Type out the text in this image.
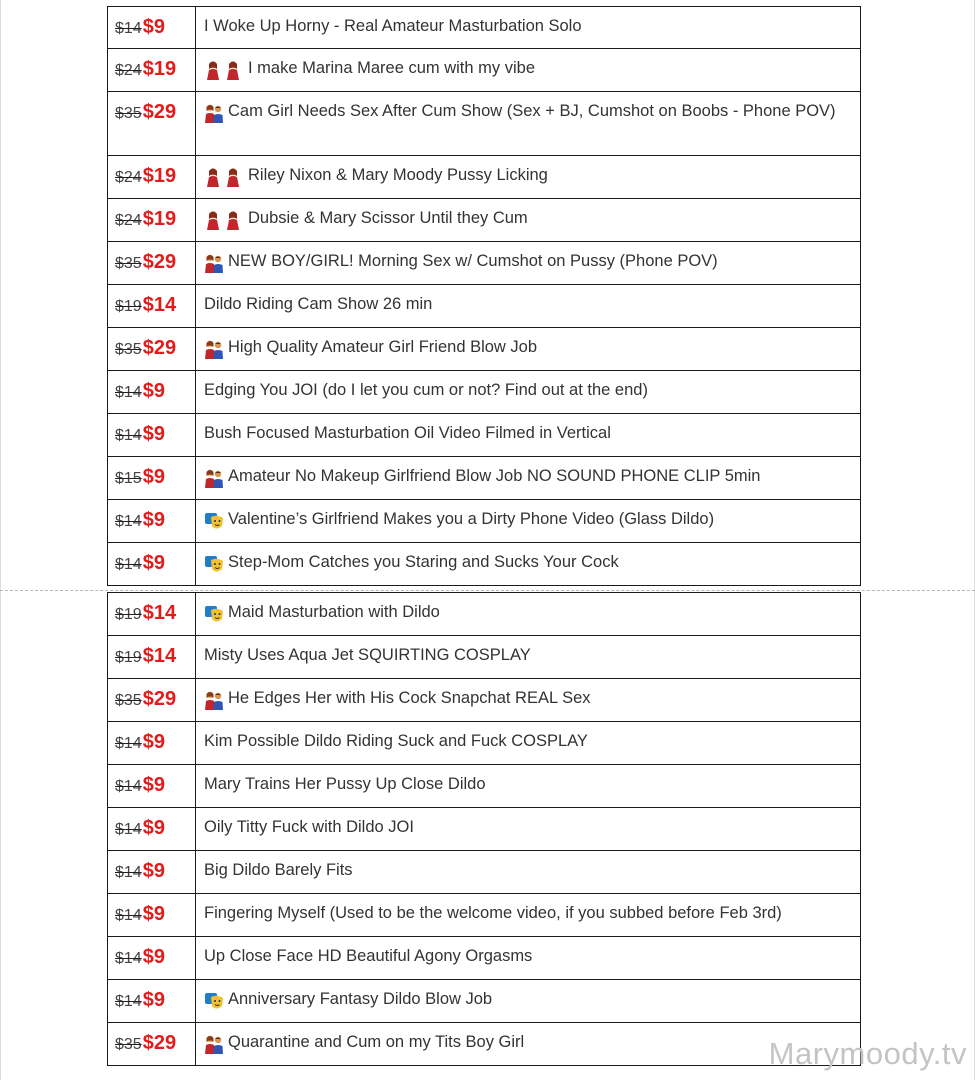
$14$9	I Woke Up Horny - Real Amateur Masturbation Solo

$24$19	I make Marina Maree cum with my vibe

$35$29	Cam Girl Needs Sex After Cum Show (Sex + BJ, Cumshot on Boobs - Phone POV)

$24$19	Riley Nixon & Mary Moody Pussy Licking

$24$19	Dubsie & Mary Scissor Until they Cum

$35$29	NEW BOY/GIRL! Morning Sex w/ Cumshot on Pussy (Phone POV)

$19$14	Dildo Riding Cam Show 26 min

$35$29	High Quality Amateur Girl Friend Blow Job

$14$9	Edging You JOI (do I let you cum or not? Find out at the end)

$14$9	Bush Focused Masturbation Oil Video Filmed in Vertical

$15$9	Amateur No Makeup Girlfriend Blow Job NO SOUND PHONE CLIP 5min

$14$9	Valentine’s Girlfriend Makes you a Dirty Phone Video (Glass Dildo)

$14$9	Step-Mom Catches you Staring and Sucks Your Cock
$19$14	Maid Masturbation with Dildo

$19$14	Misty Uses Aqua Jet SQUIRTING COSPLAY

$35$29	He Edges Her with His Cock Snapchat REAL Sex

$14$9	Kim Possible Dildo Riding Suck and Fuck COSPLAY

$14$9	Mary Trains Her Pussy Up Close Dildo

$14$9	Oily Titty Fuck with Dildo JOI

$14$9	Big Dildo Barely Fits

$14$9	Fingering Myself (Used to be the welcome video, if you subbed before Feb 3rd)

$14$9	Up Close Face HD Beautiful Agony Orgasms

$14$9	Anniversary Fantasy Dildo Blow Job

$35$29	Quarantine and Cum on my Tits Boy Girl	Marymoody.tv
